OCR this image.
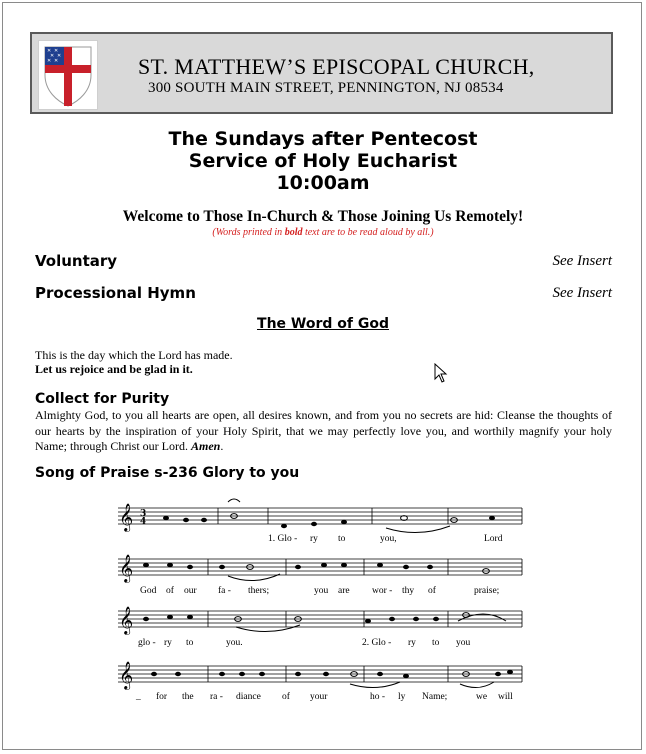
✕ ✕
✕ ✕
✕ ✕	ST. MATTHEW’S EPISCOPAL CHURCH,
300 SOUTH MAIN STREET, PENNINGTON, NJ 08534
The Sundays after Pentecost
Service of Holy Eucharist
10:00am
Welcome to Those In-Church & Those Joining Us Remotely!
(Words printed in bold text are to be read aloud by all.)
Voluntary	See Insert
Processional Hymn	See Insert
The Word of God
This is the day which the Lord has made.
Let us rejoice and be glad in it.
Collect for Purity
Almighty God, to you all hearts are open, all desires known, and from you no secrets are hid: Cleanse the thoughts of our hearts by the inspiration of your Holy Spirit, that we may perfectly love you, and worthily magnify your holy Name; through Christ our Lord. Amen.
Song of Praise s-236 Glory to you
𝄞
𝄞
𝄞
𝄞
3
4
1. Glo - ry to	you,	Lord
God of our fa - thers;	you are wor - thy of	praise;
glo - ry to	you.	2. Glo - ry to you
_ for the ra - diance of your	ho - ly Name;	we will
